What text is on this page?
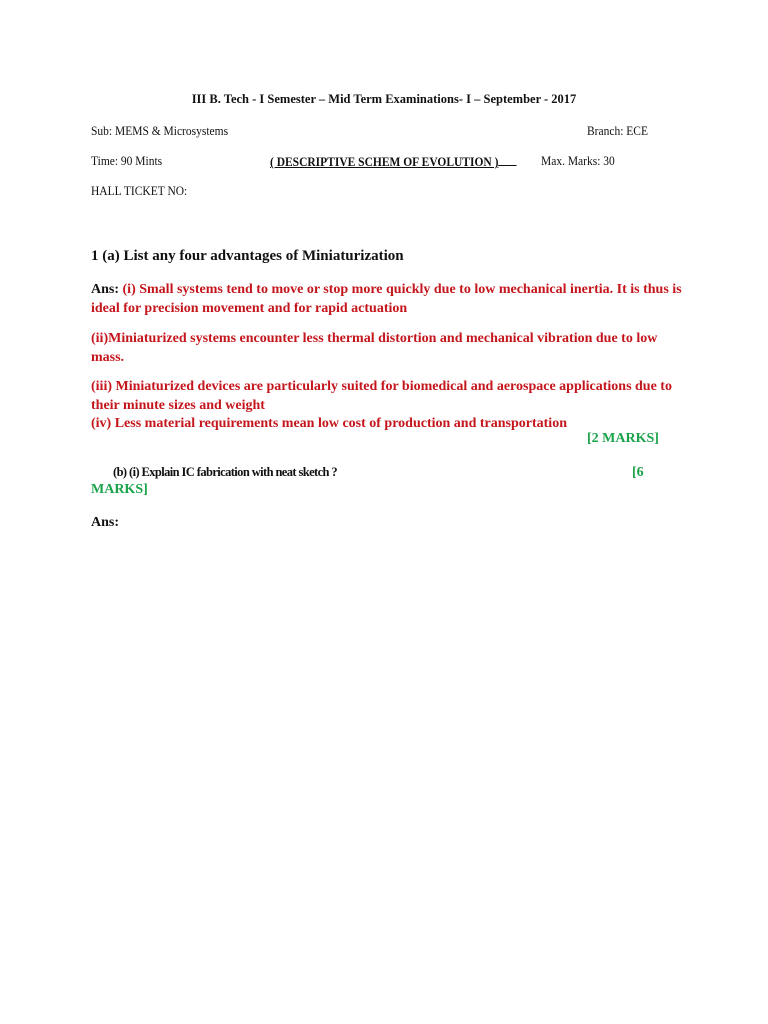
III B. Tech - I Semester – Mid Term Examinations- I – September - 2017
Sub: MEMS & Microsystems	Branch: ECE
Time: 90 Mints	( DESCRIPTIVE SCHEM OF EVOLUTION )	Max. Marks: 30
HALL TICKET NO:
1 (a) List any four advantages of Miniaturization
Ans: (i) Small systems tend to move or stop more quickly due to low mechanical inertia. It is thus is ideal for precision movement and for rapid actuation
(ii)Miniaturized systems encounter less thermal distortion and mechanical vibration due to low mass.
(iii) Miniaturized devices are particularly suited for biomedical and aerospace applications due to their minute sizes and weight
(iv) Less material requirements mean low cost of production and transportation
[2 MARKS]
(b) (i) Explain IC fabrication with neat sketch ?	[6
MARKS]
Ans:
